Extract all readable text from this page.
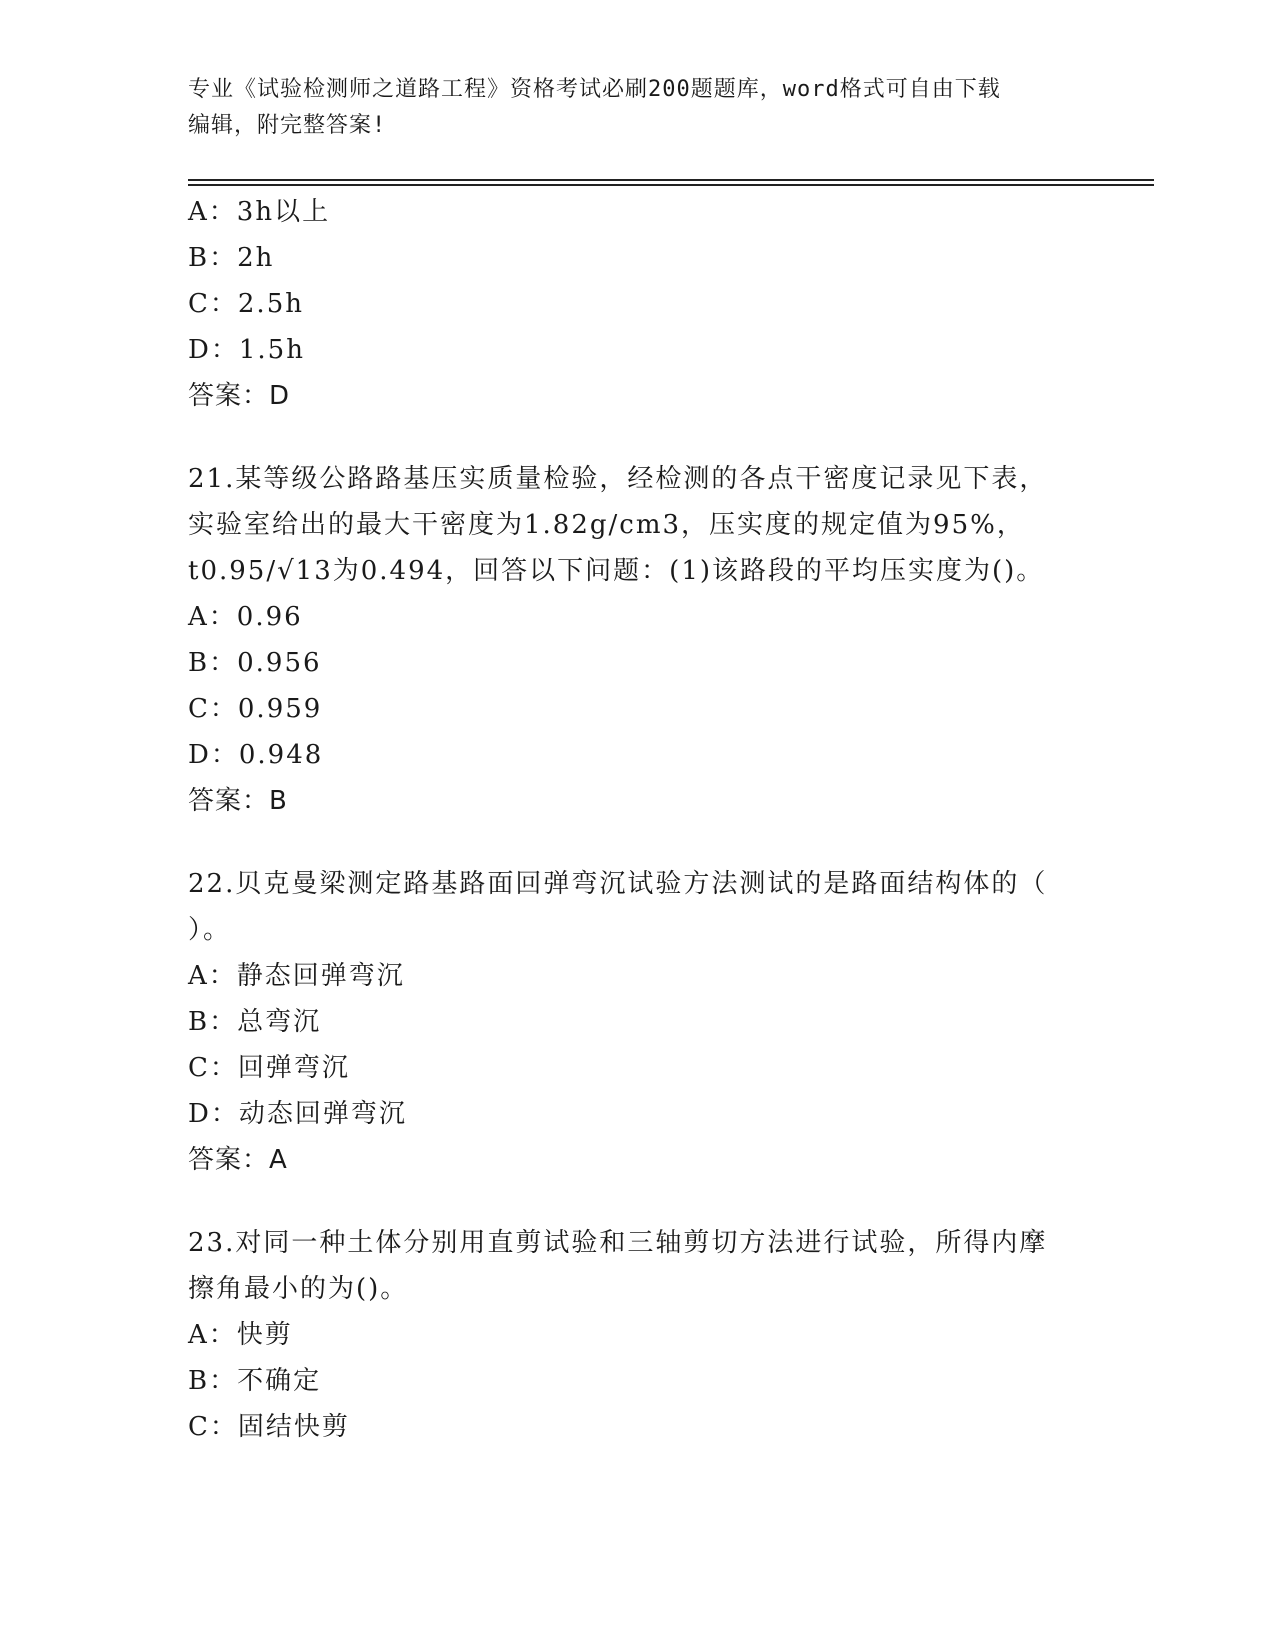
专业《试验检测师之道路工程》资格考试必刷200题题库，word格式可自由下载
编辑，附完整答案!
A：3h以上
B：2h
C：2.5h
D：1.5h
答案：D
21.某等级公路路基压实质量检验，经检测的各点干密度记录见下表，
实验室给出的最大干密度为1.82g/cm3，压实度的规定值为95%，
t0.95/√13为0.494，回答以下问题：(1)该路段的平均压实度为()。
A：0.96
B：0.956
C：0.959
D：0.948
答案：B
22.贝克曼梁测定路基路面回弹弯沉试验方法测试的是路面结构体的（
）。
A：静态回弹弯沉
B：总弯沉
C：回弹弯沉
D：动态回弹弯沉
答案：A
23.对同一种土体分别用直剪试验和三轴剪切方法进行试验，所得内摩
擦角最小的为()。
A：快剪
B：不确定
C：固结快剪
